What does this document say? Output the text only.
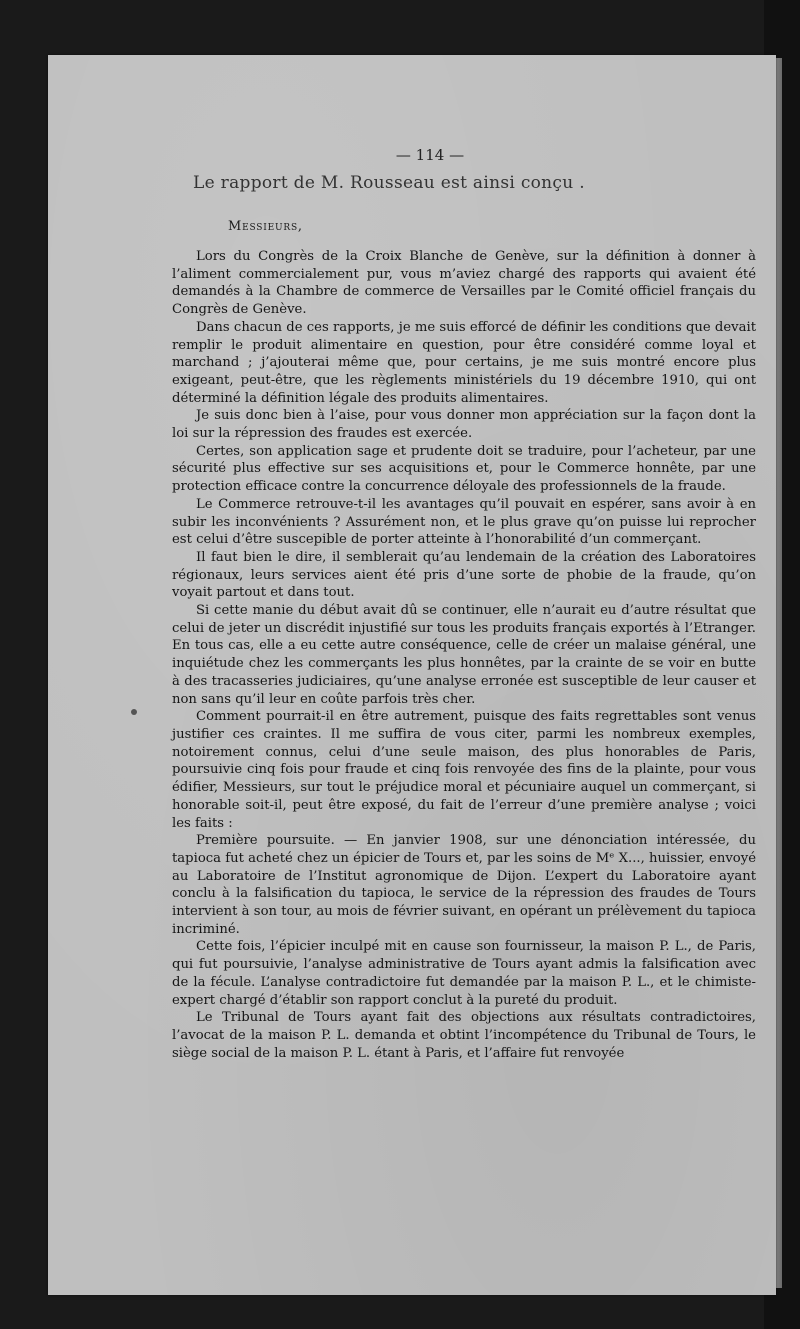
— 114 —
Le rapport de M. Rousseau est ainsi conçu .
Messieurs,

Lors du Congrès de la Croix Blanche de Genève, sur la définition à donner à l’aliment commercialement pur, vous m’aviez chargé des rapports qui avaient été demandés à la Chambre de commerce de Versailles par le Comité officiel français du Congrès de Genève.

Dans chacun de ces rapports, je me suis efforcé de définir les conditions que devait remplir le produit alimentaire en question, pour être considéré comme loyal et marchand ; j’ajouterai même que, pour certains, je me suis montré encore plus exigeant, peut-être, que les règlements ministériels du 19 décembre 1910, qui ont déterminé la définition légale des produits alimentaires.

Je suis donc bien à l’aise, pour vous donner mon appréciation sur la façon dont la loi sur la répression des fraudes est exercée.

Certes, son application sage et prudente doit se traduire, pour l’acheteur, par une sécurité plus effective sur ses acquisitions et, pour le Commerce honnête, par une protection efficace contre la concurrence déloyale des professionnels de la fraude.

Le Commerce retrouve-t-il les avantages qu’il pouvait en espérer, sans avoir à en subir les inconvénients ? Assurément non, et le plus grave qu’on puisse lui reprocher est celui d’être suscepible de porter atteinte à l’honorabilité d’un commerçant.

Il faut bien le dire, il semblerait qu’au lendemain de la création des Laboratoires régionaux, leurs services aient été pris d’une sorte de phobie de la fraude, qu’on voyait partout et dans tout.

Si cette manie du début avait dû se continuer, elle n’aurait eu d’autre résultat que celui de jeter un discrédit injustifié sur tous les produits français exportés à l’Etranger. En tous cas, elle a eu cette autre conséquence, celle de créer un malaise général, une inquiétude chez les commerçants les plus honnêtes, par la crainte de se voir en butte à des tracasseries judiciaires, qu’une analyse erronée est susceptible de leur causer et non sans qu’il leur en coûte parfois très cher.

Comment pourrait-il en être autrement, puisque des faits regrettables sont venus justifier ces craintes. Il me suffira de vous citer, parmi les nombreux exemples, notoirement connus, celui d’une seule maison, des plus honorables de Paris, poursuivie cinq fois pour fraude et cinq fois renvoyée des fins de la plainte, pour vous édifier, Messieurs, sur tout le préjudice moral et pécuniaire auquel un commerçant, si honorable soit-il, peut être exposé, du fait de l’erreur d’une première analyse ; voici les faits :

Première poursuite. — En janvier 1908, sur une dénonciation intéressée, du tapioca fut acheté chez un épicier de Tours et, par les soins de Mᵉ X..., huissier, envoyé au Laboratoire de l’Institut agronomique de Dijon. L’expert du Laboratoire ayant conclu à la falsification du tapioca, le service de la répression des fraudes de Tours intervient à son tour, au mois de février suivant, en opérant un prélèvement du tapioca incriminé.

Cette fois, l’épicier inculpé mit en cause son fournisseur, la maison P. L., de Paris, qui fut poursuivie, l’analyse administrative de Tours ayant admis la falsification avec de la fécule. L’analyse contradictoire fut demandée par la maison P. L., et le chimiste-expert chargé d’établir son rapport conclut à la pureté du produit.

Le Tribunal de Tours ayant fait des objections aux résultats contradictoires, l’avocat de la maison P. L. demanda et obtint l’incompétence du Tribunal de Tours, le siège social de la maison P. L. étant à Paris, et l’affaire fut renvoyée
